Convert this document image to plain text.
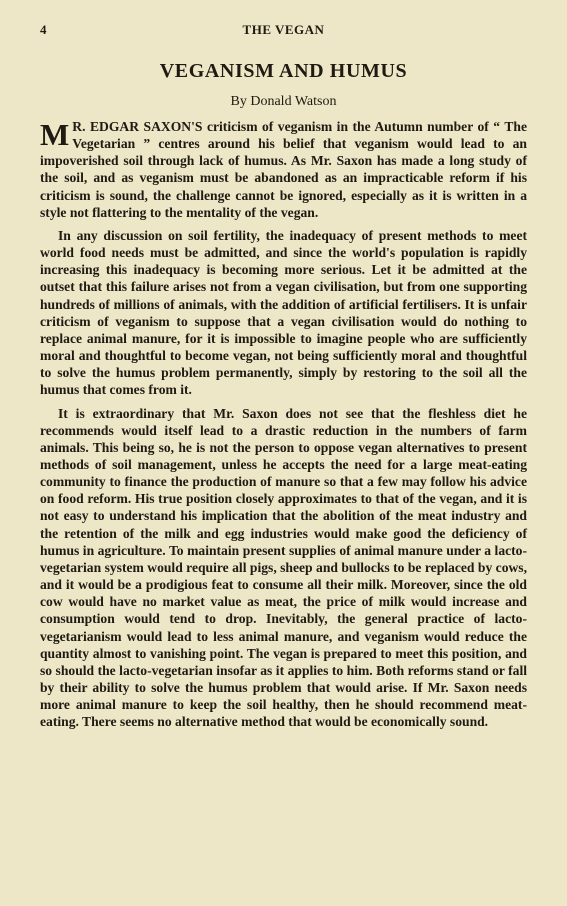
4	THE VEGAN
VEGANISM AND HUMUS
By Donald Watson

M R. EDGAR SAXON'S criticism of veganism in the Autumn number of “ The Vegetarian ” centres around his belief that veganism would lead to an impoverished soil through lack of humus. As Mr. Saxon has made a long study of the soil, and as veganism must be abandoned as an impracticable reform if his criticism is sound, the challenge cannot be ignored, especially as it is written in a style not flattering to the mentality of the vegan.

In any discussion on soil fertility, the inadequacy of present methods to meet world food needs must be admitted, and since the world's population is rapidly increasing this inadequacy is becoming more serious. Let it be admitted at the outset that this failure arises not from a vegan civilisation, but from one supporting hundreds of millions of animals, with the addition of artificial fertilisers. It is unfair criticism of veganism to suppose that a vegan civilisation would do nothing to replace animal manure, for it is impossible to imagine people who are sufficiently moral and thoughtful to become vegan, not being sufficiently moral and thoughtful to solve the humus problem permanently, simply by restoring to the soil all the humus that comes from it.

It is extraordinary that Mr. Saxon does not see that the fleshless diet he recommends would itself lead to a drastic reduction in the numbers of farm animals. This being so, he is not the person to oppose vegan alternatives to present methods of soil management, unless he accepts the need for a large meat-eating community to finance the production of manure so that a few may follow his advice on food reform. His true position closely approximates to that of the vegan, and it is not easy to understand his implication that the abolition of the meat industry and the retention of the milk and egg industries would make good the deficiency of humus in agriculture. To maintain present supplies of animal manure under a lacto-vegetarian system would require all pigs, sheep and bullocks to be replaced by cows, and it would be a prodigious feat to consume all their milk. Moreover, since the old cow would have no market value as meat, the price of milk would increase and consumption would tend to drop. Inevitably, the general practice of lacto-vegetarianism would lead to less animal manure, and veganism would reduce the quantity almost to vanishing point. The vegan is prepared to meet this position, and so should the lacto-vegetarian insofar as it applies to him. Both reforms stand or fall by their ability to solve the humus problem that would arise. If Mr. Saxon needs more animal manure to keep the soil healthy, then he should recommend meat-eating. There seems no alternative method that would be economically sound.
